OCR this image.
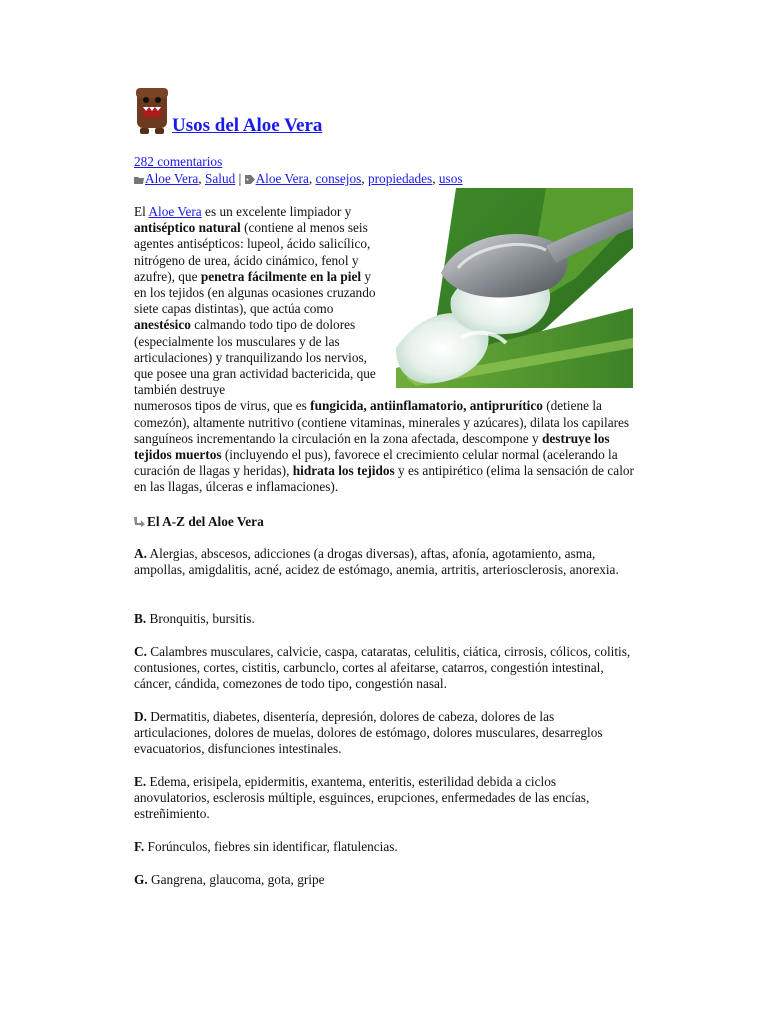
Usos del Aloe Vera
282 comentarios
Aloe Vera, Salud | Aloe Vera, consejos, propiedades, usos

El Aloe Vera es un excelente limpiador y antiséptico natural (contiene al menos seis agentes antisépticos: lupeol, ácido salicílico, nitrógeno de urea, ácido cinámico, fenol y azufre), que penetra fácilmente en la piel y en los tejidos (en algunas ocasiones cruzando siete capas distintas), que actúa como anestésico calmando todo tipo de dolores (especialmente los musculares y de las articulaciones) y tranquilizando los nervios, que posee una gran actividad bactericida, que también destruye
numerosos tipos de virus, que es fungicida, antiinflamatorio, antiprurítico (detiene la comezón), altamente nutritivo (contiene vitaminas, minerales y azúcares), dilata los capilares sanguíneos incrementando la circulación en la zona afectada, descompone y destruye los tejidos muertos (incluyendo el pus), favorece el crecimiento celular normal (acelerando la curación de llagas y heridas), hidrata los tejidos y es antipirético (elima la sensación de calor en las llagas, úlceras e inflamaciones).

El A-Z del Aloe Vera

A. Alergias, abscesos, adicciones (a drogas diversas), aftas, afonía, agotamiento, asma, ampollas, amigdalitis, acné, acidez de estómago, anemia, artritis, arteriosclerosis, anorexia.

B. Bronquitis, bursitis.

C. Calambres musculares, calvicie, caspa, cataratas, celulitis, ciática, cirrosis, cólicos, colitis, contusiones, cortes, cistitis, carbunclo, cortes al afeitarse, catarros, congestión intestinal, cáncer, cándida, comezones de todo tipo, congestión nasal.

D. Dermatitis, diabetes, disentería, depresión, dolores de cabeza, dolores de las articulaciones, dolores de muelas, dolores de estómago, dolores musculares, desarreglos evacuatorios, disfunciones intestinales.

E. Edema, erisipela, epidermitis, exantema, enteritis, esterilidad debida a ciclos anovulatorios, esclerosis múltiple, esguinces, erupciones, enfermedades de las encías, estreñimiento.

F. Forúnculos, fiebres sin identificar, flatulencias.

G. Gangrena, glaucoma, gota, gripe
